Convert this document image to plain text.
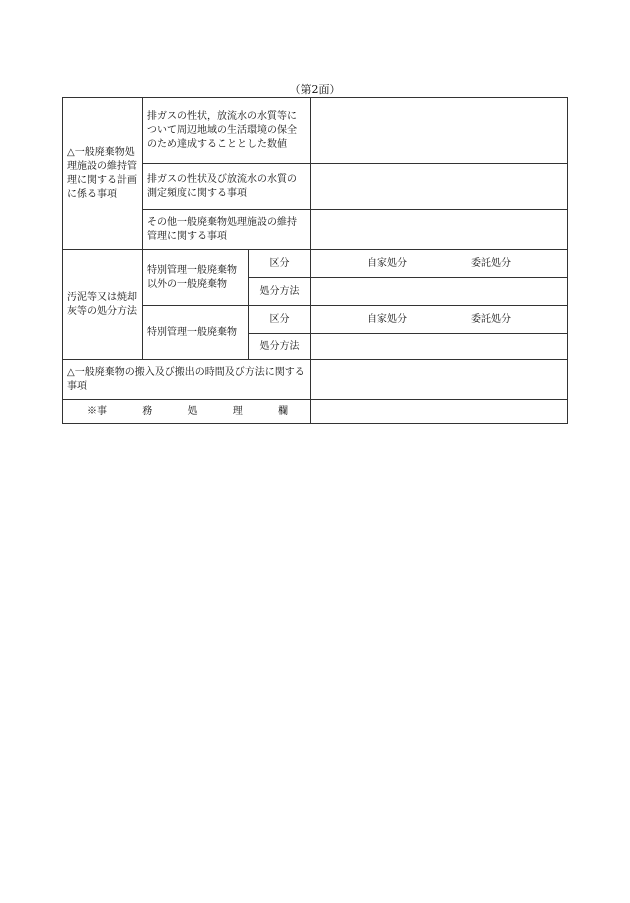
（第2面）
△一般廃棄物処理施設の維持管理に関する計画に係る事項	排ガスの性状，放流水の水質等について周辺地域の生活環境の保全のため達成することとした数値		
	排ガスの性状及び放流水の水質の測定頻度に関する事項		
	その他一般廃棄物処理施設の維持管理に関する事項		
汚泥等又は焼却灰等の処分方法	特別管理一般廃棄物以外の一般廃棄物	区分	自家処分 委託処分

		処分方法	
	特別管理一般廃棄物	区分	自家処分 委託処分

		処分方法	
△一般廃棄物の搬入及び搬出の時間及び方法に関する事項			

※事 務 処 理 欄			
